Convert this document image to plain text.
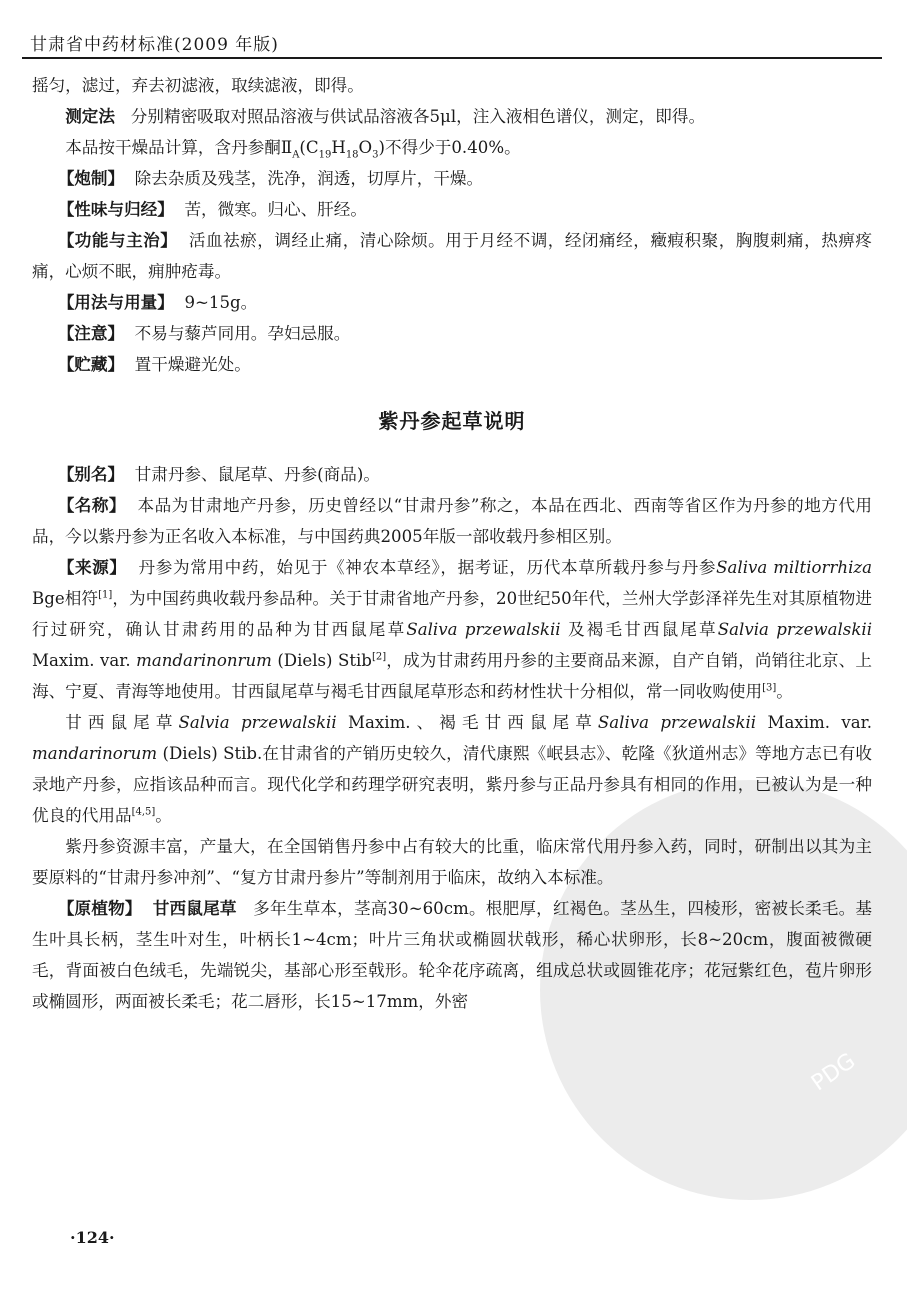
PDG
甘肃省中药材标准(2009 年版)

摇匀，滤过，弃去初滤液，取续滤液，即得。

测定法 分别精密吸取对照品溶液与供试品溶液各5μl，注入液相色谱仪，测定，即得。

本品按干燥品计算，含丹参酮$Ⅱ_A(C_{19}H_{18}O_3)$不得少于0.40%。

【炮制】 除去杂质及残茎，洗净，润透，切厚片，干燥。

【性味与归经】 苦，微寒。归心、肝经。

【功能与主治】 活血祛瘀，调经止痛，清心除烦。用于月经不调，经闭痛经，癥瘕积聚，胸腹刺痛，热痹疼痛，心烦不眠，痈肿疮毒。

【用法与用量】 9~15g。

【注意】 不易与藜芦同用。孕妇忌服。

【贮藏】 置干燥避光处。

紫丹参起草说明

【别名】 甘肃丹参、鼠尾草、丹参(商品)。

【名称】 本品为甘肃地产丹参，历史曾经以“甘肃丹参”称之，本品在西北、西南等省区作为丹参的地方代用品，今以紫丹参为正名收入本标准，与中国药典2005年版一部收载丹参相区别。

【来源】 丹参为常用中药，始见于《神农本草经》，据考证，历代本草所载丹参与丹参Saliva miltiorrhiza Bge相符[1]，为中国药典收载丹参品种。关于甘肃省地产丹参，20世纪50年代，兰州大学彭泽祥先生对其原植物进行过研究，确认甘肃药用的品种为甘西鼠尾草Saliva przewalskii 及褐毛甘西鼠尾草Salvia przewalskii Maxim. var. mandarinonrum (Diels) Stib[2]，成为甘肃药用丹参的主要商品来源，自产自销，尚销往北京、上海、宁夏、青海等地使用。甘西鼠尾草与褐毛甘西鼠尾草形态和药材性状十分相似，常一同收购使用[3]。

甘西鼠尾草Salvia przewalskii Maxim.、褐毛甘西鼠尾草Saliva przewalskii Maxim. var. mandarinorum (Diels) Stib.在甘肃省的产销历史较久，清代康熙《岷县志》、乾隆《狄道州志》等地方志已有收录地产丹参，应指该品种而言。现代化学和药理学研究表明，紫丹参与正品丹参具有相同的作用，已被认为是一种优良的代用品[4,5]。

紫丹参资源丰富，产量大，在全国销售丹参中占有较大的比重，临床常代用丹参入药，同时，研制出以其为主要原料的“甘肃丹参冲剂”、“复方甘肃丹参片”等制剂用于临床，故纳入本标准。

【原植物】 甘西鼠尾草 多年生草本，茎高30~60cm。根肥厚，红褐色。茎丛生，四棱形，密被长柔毛。基生叶具长柄，茎生叶对生，叶柄长1~4cm；叶片三角状或椭圆状戟形，稀心状卵形，长8~20cm，腹面被微硬毛，背面被白色绒毛，先端锐尖，基部心形至戟形。轮伞花序疏离，组成总状或圆锥花序；花冠紫红色，苞片卵形或椭圆形，两面被长柔毛；花二唇形，长15~17mm，外密

·124·
